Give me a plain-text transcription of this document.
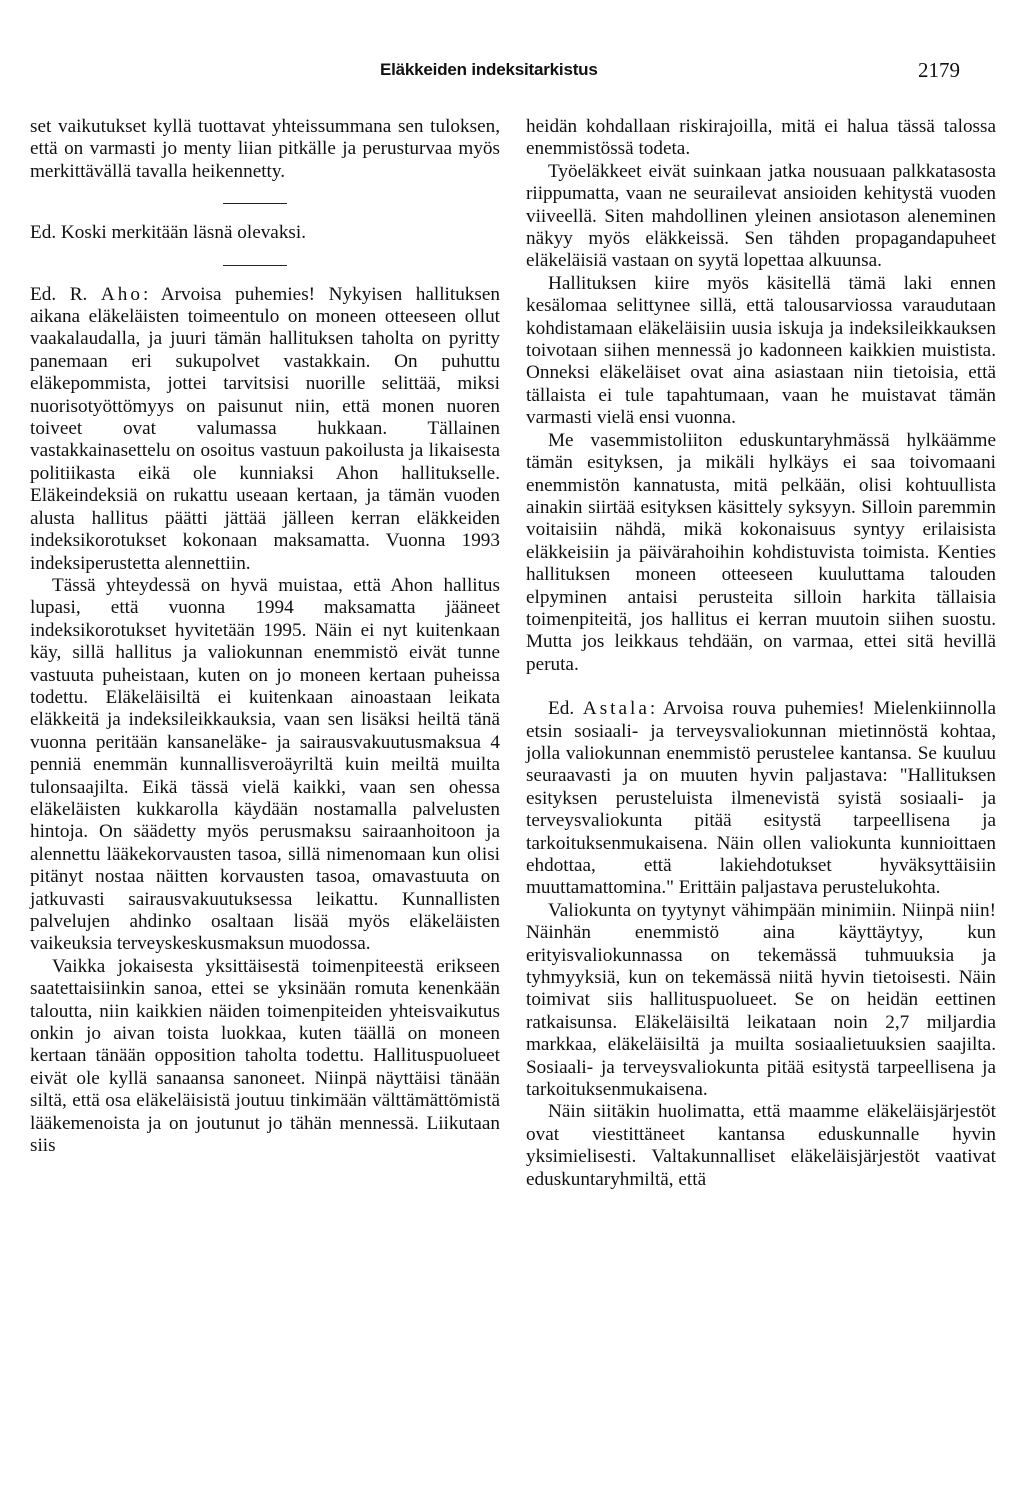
Eläkkeiden indeksitarkistus	2179

set vaikutukset kyllä tuottavat yhteissummana sen tuloksen, että on varmasti jo menty liian pitkälle ja perusturvaa myös merkittävällä tavalla heikennetty.

Ed. Koski merkitään läsnä olevaksi.

Ed. R. Aho: Arvoisa puhemies! Nykyisen hallituksen aikana eläkeläisten toimeentulo on moneen otteeseen ollut vaakalaudalla, ja juuri tämän hallituksen taholta on pyritty panemaan eri sukupolvet vastakkain. On puhuttu eläkepommista, jottei tarvitsisi nuorille selittää, miksi nuorisotyöttömyys on paisunut niin, että monen nuoren toiveet ovat valumassa hukkaan. Tällainen vastakkainasettelu on osoitus vastuun pakoilusta ja likaisesta politiikasta eikä ole kunniaksi Ahon hallitukselle. Eläkeindeksiä on rukattu useaan kertaan, ja tämän vuoden alusta hallitus päätti jättää jälleen kerran eläkkeiden indeksikorotukset kokonaan maksamatta. Vuonna 1993 indeksiperustetta alennettiin.

Tässä yhteydessä on hyvä muistaa, että Ahon hallitus lupasi, että vuonna 1994 maksamatta jääneet indeksikorotukset hyvitetään 1995. Näin ei nyt kuitenkaan käy, sillä hallitus ja valiokunnan enemmistö eivät tunne vastuuta puheistaan, kuten on jo moneen kertaan puheissa todettu. Eläkeläisiltä ei kuitenkaan ainoastaan leikata eläkkeitä ja indeksileikkauksia, vaan sen lisäksi heiltä tänä vuonna peritään kansaneläke- ja sairausvakuutusmaksua 4 penniä enemmän kunnallisveroäyriltä kuin meiltä muilta tulonsaajilta. Eikä tässä vielä kaikki, vaan sen ohessa eläkeläisten kukkarolla käydään nostamalla palvelusten hintoja. On säädetty myös perusmaksu sairaanhoitoon ja alennettu lääkekorvausten tasoa, sillä nimenomaan kun olisi pitänyt nostaa näitten korvausten tasoa, omavastuuta on jatkuvasti sairausvakuutuksessa leikattu. Kunnallisten palvelujen ahdinko osaltaan lisää myös eläkeläisten vaikeuksia terveyskeskusmaksun muodossa.

Vaikka jokaisesta yksittäisestä toimenpiteestä erikseen saatettaisiinkin sanoa, ettei se yksinään romuta kenenkään taloutta, niin kaikkien näiden toimenpiteiden yhteisvaikutus onkin jo aivan toista luokkaa, kuten täällä on moneen kertaan tänään opposition taholta todettu. Hallituspuolueet eivät ole kyllä sanaansa sanoneet. Niinpä näyttäisi tänään siltä, että osa eläkeläisistä joutuu tinkimään välttämättömistä lääkemenoista ja on joutunut jo tähän mennessä. Liikutaan siis

heidän kohdallaan riskirajoilla, mitä ei halua tässä talossa enemmistössä todeta.

Työeläkkeet eivät suinkaan jatka nousuaan palkkatasosta riippumatta, vaan ne seurailevat ansioiden kehitystä vuoden viiveellä. Siten mahdollinen yleinen ansiotason aleneminen näkyy myös eläkkeissä. Sen tähden propagandapuheet eläkeläisiä vastaan on syytä lopettaa alkuunsa.

Hallituksen kiire myös käsitellä tämä laki ennen kesälomaa selittynee sillä, että talousarviossa varaudutaan kohdistamaan eläkeläisiin uusia iskuja ja indeksileikkauksen toivotaan siihen mennessä jo kadonneen kaikkien muistista. Onneksi eläkeläiset ovat aina asiastaan niin tietoisia, että tällaista ei tule tapahtumaan, vaan he muistavat tämän varmasti vielä ensi vuonna.

Me vasemmistoliiton eduskuntaryhmässä hylkäämme tämän esityksen, ja mikäli hylkäys ei saa toivomaani enemmistön kannatusta, mitä pelkään, olisi kohtuullista ainakin siirtää esityksen käsittely syksyyn. Silloin paremmin voitaisiin nähdä, mikä kokonaisuus syntyy erilaisista eläkkeisiin ja päivärahoihin kohdistuvista toimista. Kenties hallituksen moneen otteeseen kuuluttama talouden elpyminen antaisi perusteita silloin harkita tällaisia toimenpiteitä, jos hallitus ei kerran muutoin siihen suostu. Mutta jos leikkaus tehdään, on varmaa, ettei sitä hevillä peruta.

Ed. Astala: Arvoisa rouva puhemies! Mielenkiinnolla etsin sosiaali- ja terveysvaliokunnan mietinnöstä kohtaa, jolla valiokunnan enemmistö perustelee kantansa. Se kuuluu seuraavasti ja on muuten hyvin paljastava: "Hallituksen esityksen perusteluista ilmenevistä syistä sosiaali- ja terveysvaliokunta pitää esitystä tarpeellisena ja tarkoituksenmukaisena. Näin ollen valiokunta kunnioittaen ehdottaa, että lakiehdotukset hyväksyttäisiin muuttamattomina." Erittäin paljastava perustelukohta.

Valiokunta on tyytynyt vähimpään minimiin. Niinpä niin! Näinhän enemmistö aina käyttäytyy, kun erityisvaliokunnassa on tekemässä tuhmuuksia ja tyhmyyksiä, kun on tekemässä niitä hyvin tietoisesti. Näin toimivat siis hallituspuolueet. Se on heidän eettinen ratkaisunsa. Eläkeläisiltä leikataan noin 2,7 miljardia markkaa, eläkeläisiltä ja muilta sosiaalietuuksien saajilta. Sosiaali- ja terveysvaliokunta pitää esitystä tarpeellisena ja tarkoituksenmukaisena.

Näin siitäkin huolimatta, että maamme eläkeläisjärjestöt ovat viestittäneet kantansa eduskunnalle hyvin yksimielisesti. Valtakunnalliset eläkeläisjärjestöt vaativat eduskuntaryhmiltä, että
